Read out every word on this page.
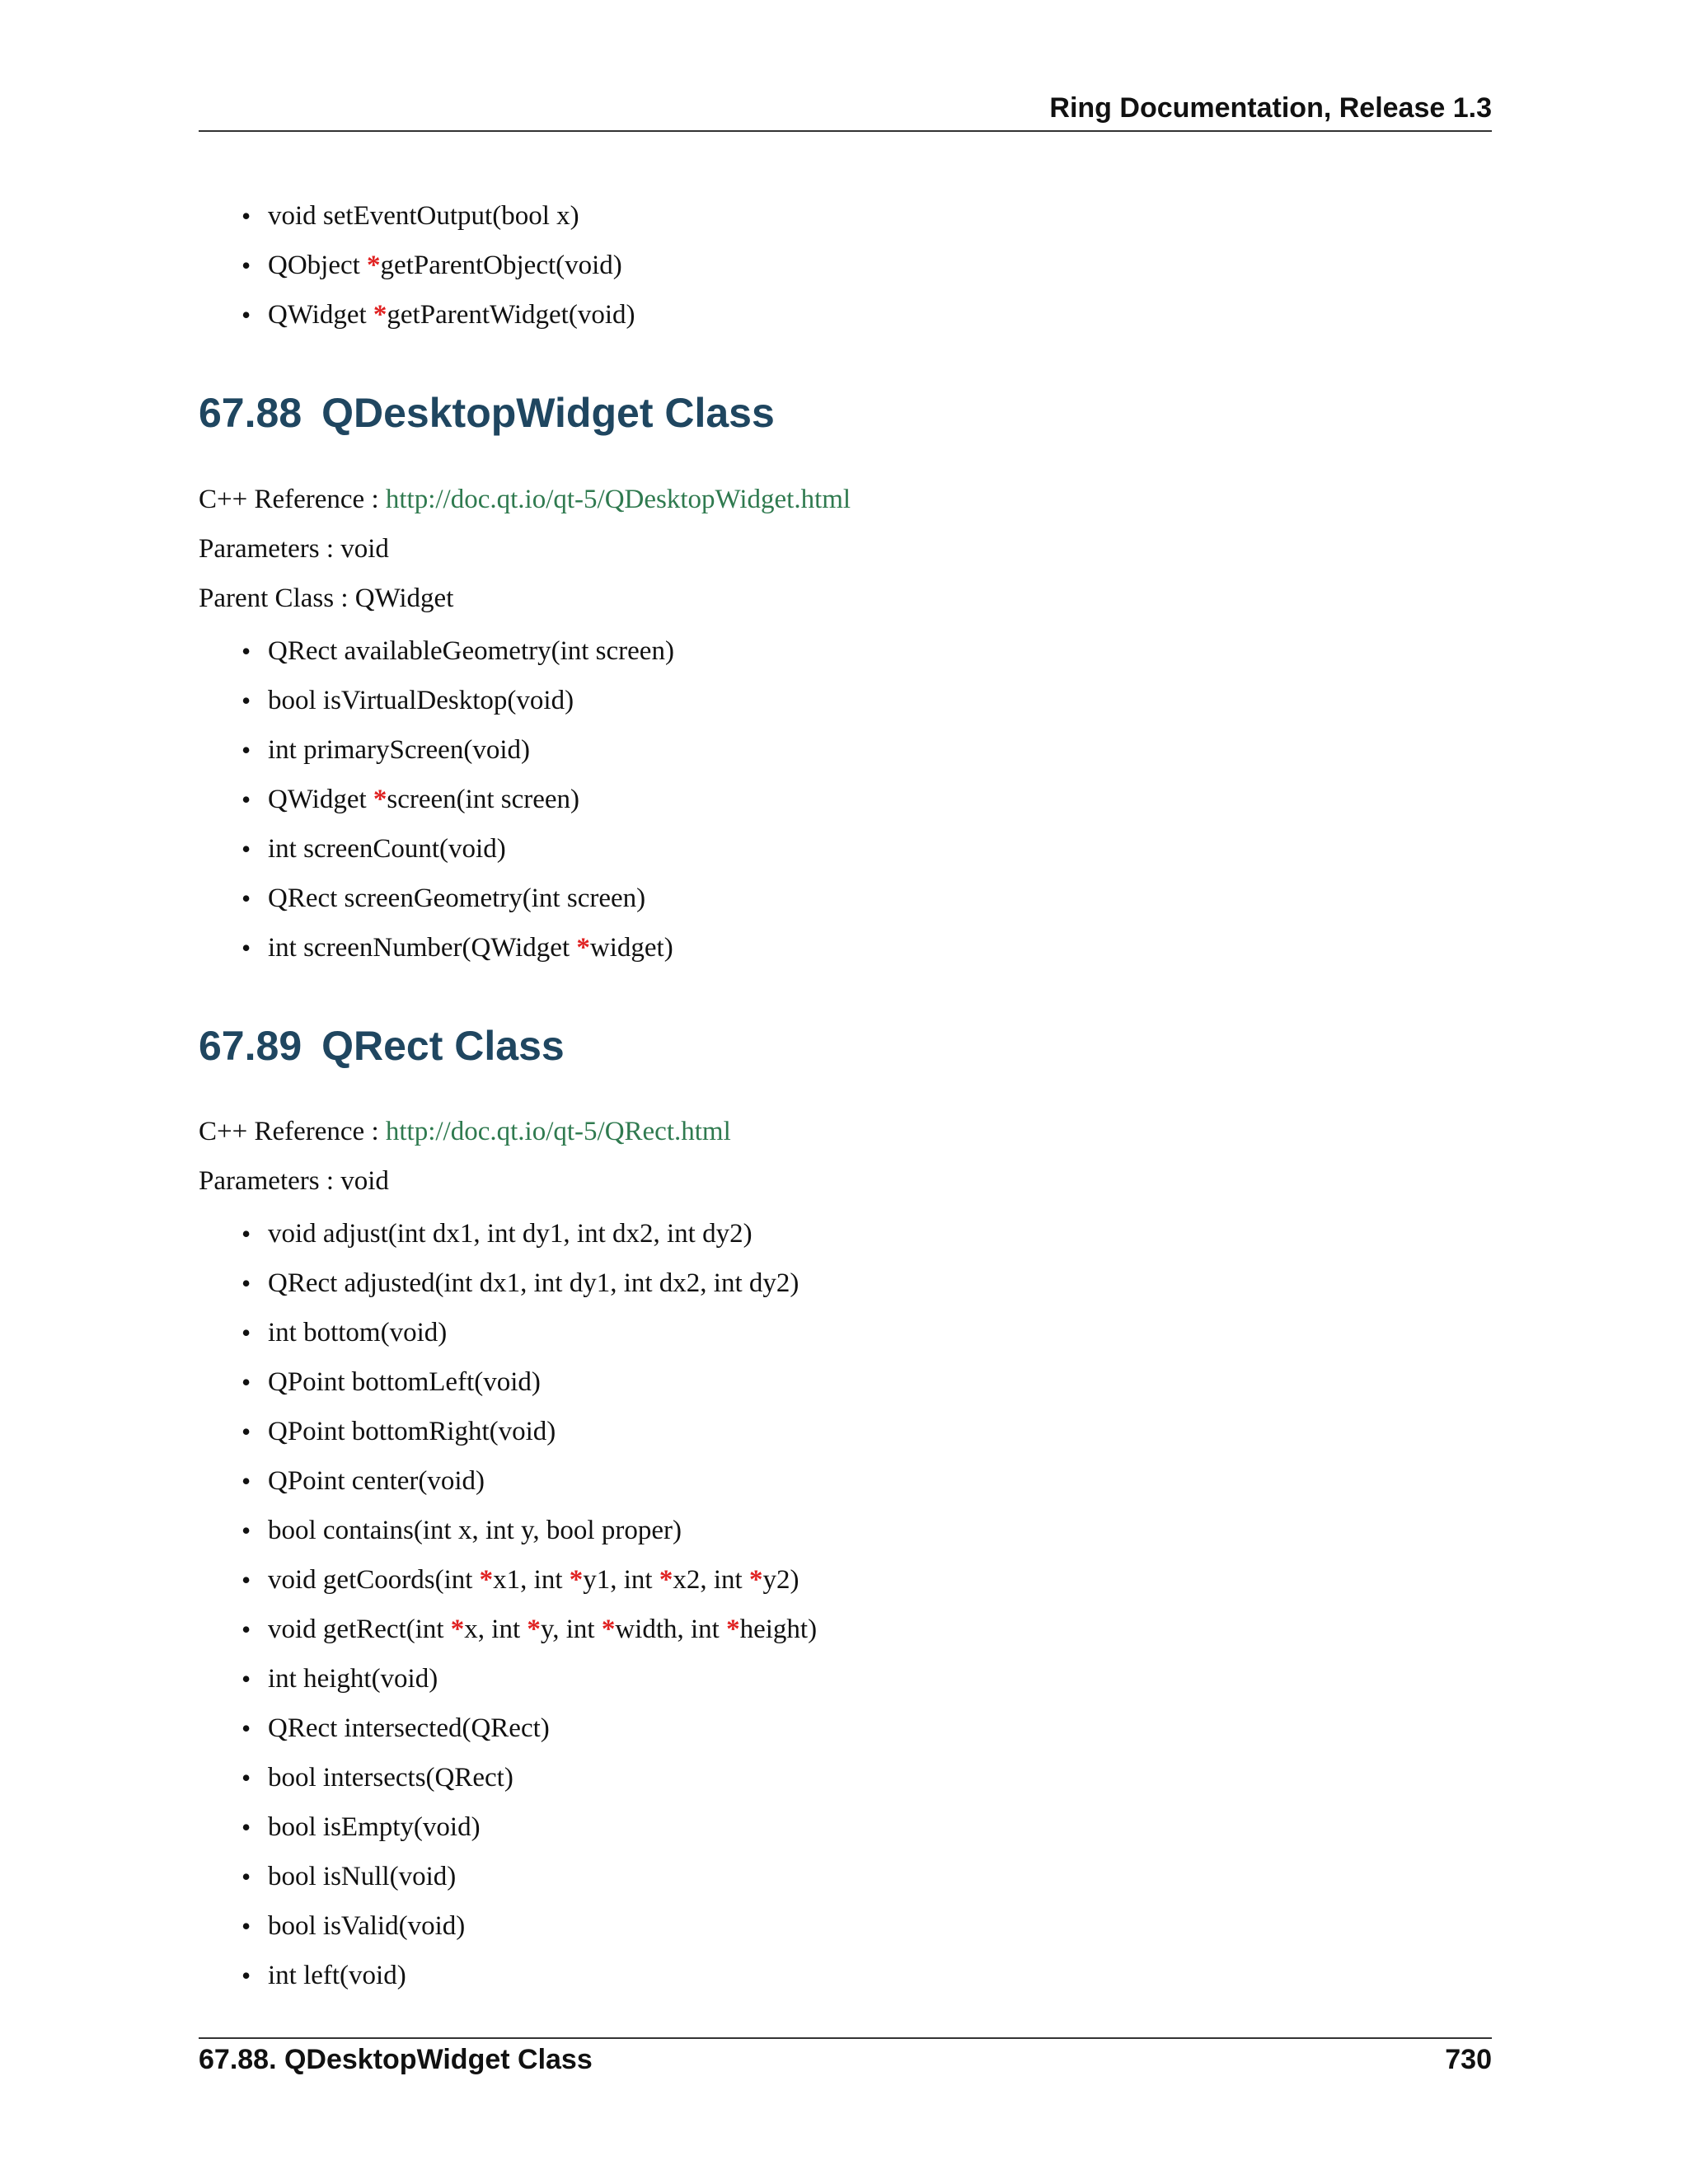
Ring Documentation, Release 1.3
• void setEventOutput(bool x)
• QObject *getParentObject(void)
• QWidget *getParentWidget(void)
67.88 QDesktopWidget Class

C++ Reference : http://doc.qt.io/qt-5/QDesktopWidget.html

Parameters : void

Parent Class : QWidget

• QRect availableGeometry(int screen)
• bool isVirtualDesktop(void)
• int primaryScreen(void)
• QWidget *screen(int screen)
• int screenCount(void)
• QRect screenGeometry(int screen)
• int screenNumber(QWidget *widget)
67.89 QRect Class

C++ Reference : http://doc.qt.io/qt-5/QRect.html

Parameters : void

• void adjust(int dx1, int dy1, int dx2, int dy2)
• QRect adjusted(int dx1, int dy1, int dx2, int dy2)
• int bottom(void)
• QPoint bottomLeft(void)
• QPoint bottomRight(void)
• QPoint center(void)
• bool contains(int x, int y, bool proper)
• void getCoords(int *x1, int *y1, int *x2, int *y2)
• void getRect(int *x, int *y, int *width, int *height)
• int height(void)
• QRect intersected(QRect)
• bool intersects(QRect)
• bool isEmpty(void)
• bool isNull(void)
• bool isValid(void)
• int left(void)
67.88. QDesktopWidget Class	730
